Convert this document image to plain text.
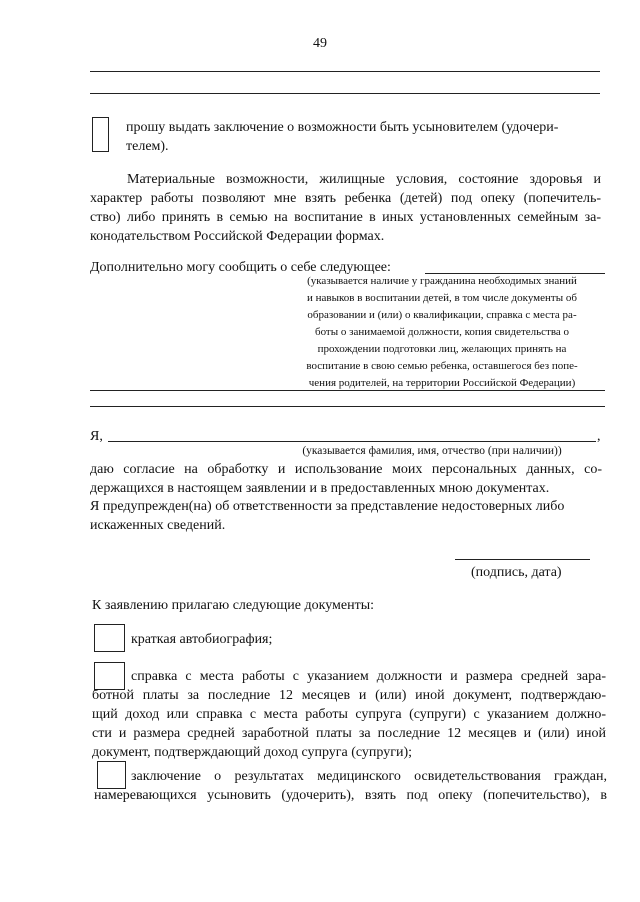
49
прошу выдать заключение о возможности быть усыновителем (удочери-
телем).
Материальные возможности, жилищные условия, состояние здоровья и
характер работы позволяют мне взять ребенка (детей) под опеку (попечитель-
ство) либо принять в семью на воспитание в иных установленных семейным за-
конодательством Российской Федерации формах.
Дополнительно могу сообщить о себе следующее:
(указывается наличие у гражданина необходимых знаний
и навыков в воспитании детей, в том числе документы об
образовании и (или) о квалификации, справка с места ра-
боты о занимаемой должности, копия свидетельства о
прохождении подготовки лиц, желающих принять на
воспитание в свою семью ребенка, оставшегося без попе-
чения родителей, на территории Российской Федерации)
Я,	,
(указывается фамилия, имя, отчество (при наличии))
даю согласие на обработку и использование моих персональных данных, со-
держащихся в настоящем заявлении и в предоставленных мною документах.
Я предупрежден(на) об ответственности за представление недостоверных либо
искаженных сведений.
(подпись, дата)
К заявлению прилагаю следующие документы:
краткая автобиография;
справка с места работы с указанием должности и размера средней зара-
ботной платы за последние 12 месяцев и (или) иной документ, подтверждаю-
щий доход или справка с места работы супруга (супруги) с указанием должно-
сти и размера средней заработной платы за последние 12 месяцев и (или) иной
документ, подтверждающий доход супруга (супруги);
заключение о результатах медицинского освидетельствования граждан,
намеревающихся усыновить (удочерить), взять под опеку (попечительство), в
